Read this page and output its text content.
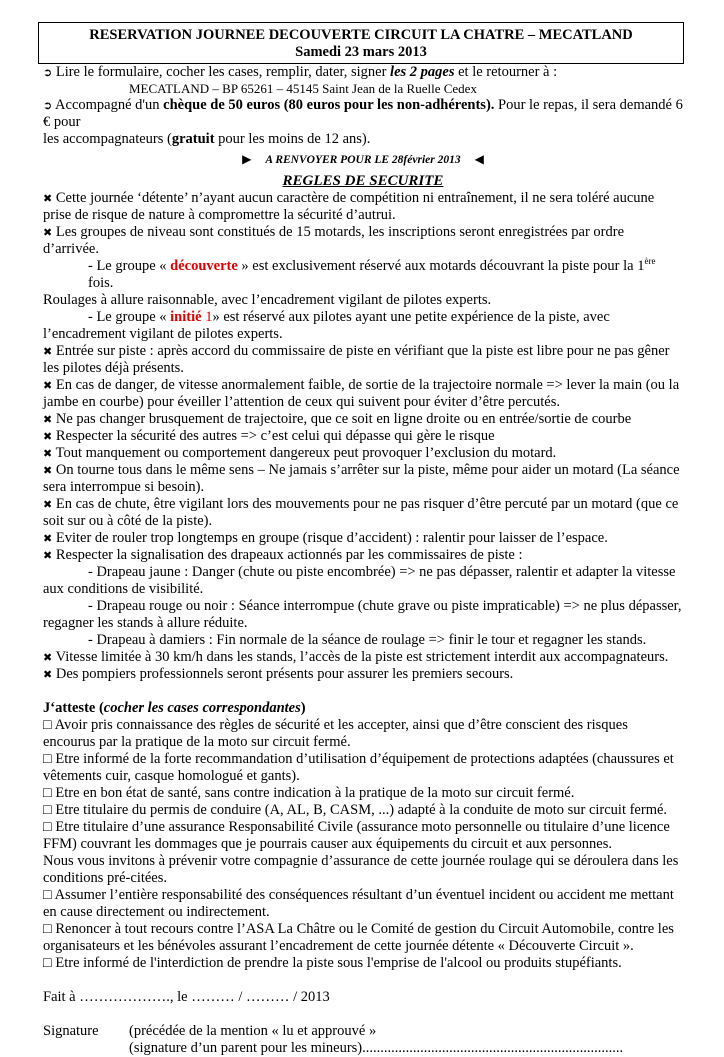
RESERVATION JOURNEE DECOUVERTE CIRCUIT LA CHATRE – MECATLAND
Samedi 23 mars 2013
➲ Lire le formulaire, cocher les cases, remplir, dater, signer les 2 pages et le retourner à :
MECATLAND – BP 65261 – 45145 Saint Jean de la Ruelle Cedex
➲ Accompagné d'un chèque de 50 euros (80 euros pour les non-adhérents). Pour le repas, il sera demandé 6 € pour
les accompagnateurs (gratuit pour les moins de 12 ans).
▶ A RENVOYER POUR LE 28février 2013 ◀
REGLES DE SECURITE
✖ Cette journée ‘détente’ n’ayant aucun caractère de compétition ni entraînement, il ne sera toléré aucune
prise de risque de nature à compromettre la sécurité d’autrui.
✖ Les groupes de niveau sont constitués de 15 motards, les inscriptions seront enregistrées par ordre d’arrivée.
- Le groupe « découverte » est exclusivement réservé aux motards découvrant la piste pour la 1ère fois.
Roulages à allure raisonnable, avec l’encadrement vigilant de pilotes experts.
- Le groupe « initié 1» est réservé aux pilotes ayant une petite expérience de la piste, avec
l’encadrement vigilant de pilotes experts.
✖ Entrée sur piste : après accord du commissaire de piste en vérifiant que la piste est libre pour ne pas gêner
les pilotes déjà présents.
✖ En cas de danger, de vitesse anormalement faible, de sortie de la trajectoire normale => lever la main (ou la
jambe en courbe) pour éveiller l’attention de ceux qui suivent pour éviter d’être percutés.
✖ Ne pas changer brusquement de trajectoire, que ce soit en ligne droite ou en entrée/sortie de courbe
✖ Respecter la sécurité des autres => c’est celui qui dépasse qui gère le risque
✖ Tout manquement ou comportement dangereux peut provoquer l’exclusion du motard.
✖ On tourne tous dans le même sens – Ne jamais s’arrêter sur la piste, même pour aider un motard (La séance
sera interrompue si besoin).
✖ En cas de chute, être vigilant lors des mouvements pour ne pas risquer d’être percuté par un motard (que ce
soit sur ou à côté de la piste).
✖ Eviter de rouler trop longtemps en groupe (risque d’accident) : ralentir pour laisser de l’espace.
✖ Respecter la signalisation des drapeaux actionnés par les commissaires de piste :
- Drapeau jaune : Danger (chute ou piste encombrée) => ne pas dépasser, ralentir et adapter la vitesse
aux conditions de visibilité.
- Drapeau rouge ou noir : Séance interrompue (chute grave ou piste impraticable) => ne plus dépasser,
regagner les stands à allure réduite.
- Drapeau à damiers : Fin normale de la séance de roulage => finir le tour et regagner les stands.
✖ Vitesse limitée à 30 km/h dans les stands, l’accès de la piste est strictement interdit aux accompagnateurs.
✖ Des pompiers professionnels seront présents pour assurer les premiers secours.
J‘atteste (cocher les cases correspondantes)
□ Avoir pris connaissance des règles de sécurité et les accepter, ainsi que d’être conscient des risques
encourus par la pratique de la moto sur circuit fermé.
□ Etre informé de la forte recommandation d’utilisation d’équipement de protections adaptées (chaussures et
vêtements cuir, casque homologué et gants).
□ Etre en bon état de santé, sans contre indication à la pratique de la moto sur circuit fermé.
□ Etre titulaire du permis de conduire (A, AL, B, CASM, ...) adapté à la conduite de moto sur circuit fermé.
□ Etre titulaire d’une assurance Responsabilité Civile (assurance moto personnelle ou titulaire d’une licence
FFM) couvrant les dommages que je pourrais causer aux équipements du circuit et aux personnes.
Nous vous invitons à prévenir votre compagnie d’assurance de cette journée roulage qui se déroulera dans les
conditions pré-citées.
□ Assumer l’entière responsabilité des conséquences résultant d’un éventuel incident ou accident me mettant
en cause directement ou indirectement.
□ Renoncer à tout recours contre l’ASA La Châtre ou le Comité de gestion du Circuit Automobile, contre les
organisateurs et les bénévoles assurant l’encadrement de cette journée détente « Découverte Circuit ».
□ Etre informé de l'interdiction de prendre la piste sous l'emprise de l'alcool ou produits stupéfiants.
Fait à ………………., le ……… / ……… / 2013
Signature	(précédée de la mention « lu et approuvé »
(signature d’un parent pour les mineurs)........................................................................
